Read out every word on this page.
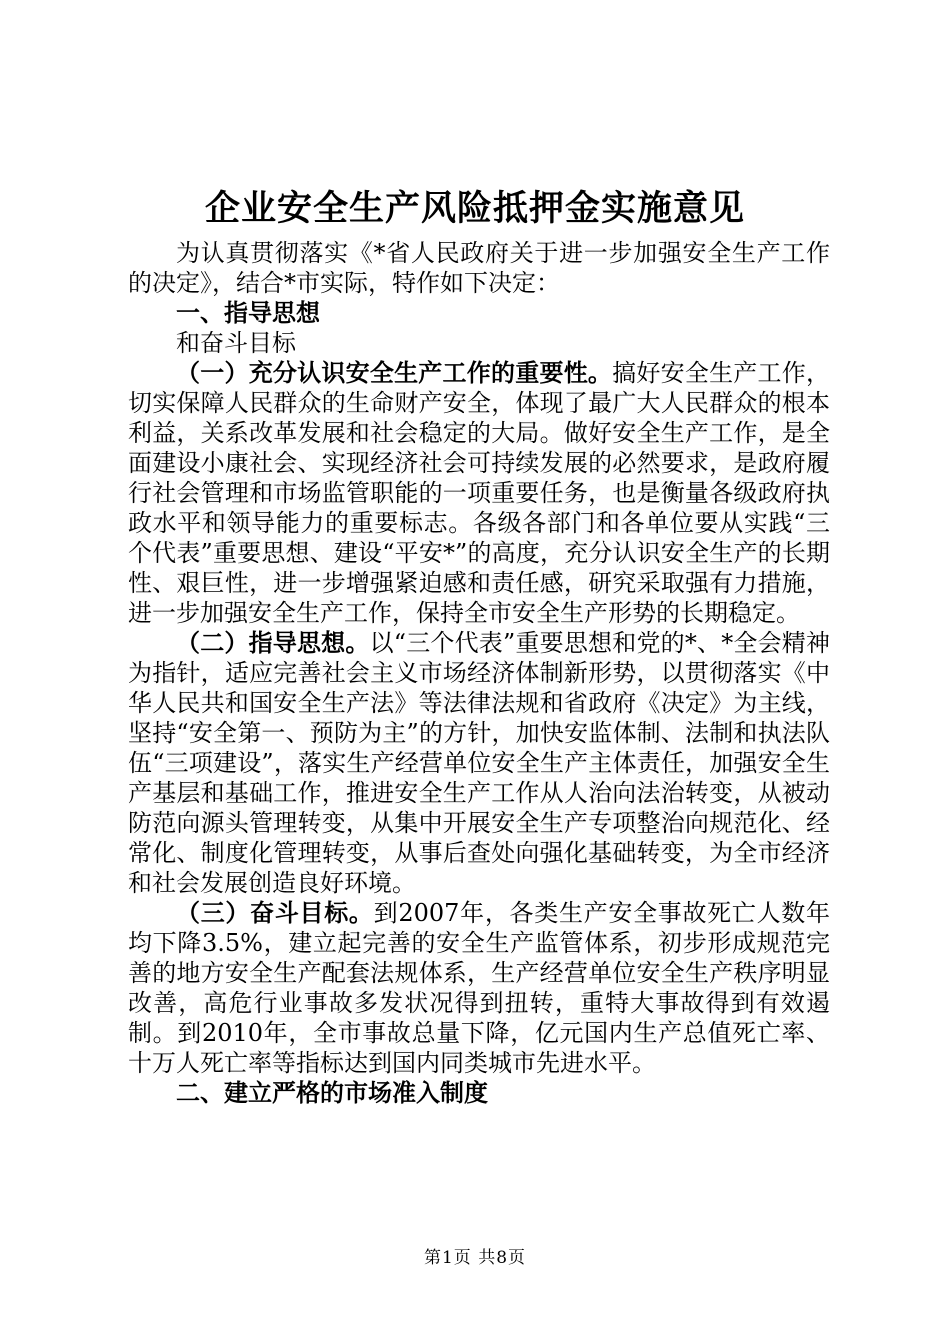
企业安全生产风险抵押金实施意见

为认真贯彻落实《*省人民政府关于进一步加强安全生产工作的决定》，结合*市实际，特作如下决定：

一、指导思想

和奋斗目标

（一）充分认识安全生产工作的重要性。搞好安全生产工作，切实保障人民群众的生命财产安全，体现了最广大人民群众的根本利益，关系改革发展和社会稳定的大局。做好安全生产工作，是全面建设小康社会、实现经济社会可持续发展的必然要求，是政府履行社会管理和市场监管职能的一项重要任务，也是衡量各级政府执政水平和领导能力的重要标志。各级各部门和各单位要从实践“三个代表”重要思想、建设“平安*”的高度，充分认识安全生产的长期性、艰巨性，进一步增强紧迫感和责任感，研究采取强有力措施，进一步加强安全生产工作，保持全市安全生产形势的长期稳定。

（二）指导思想。以“三个代表”重要思想和党的*、*全会精神为指针，适应完善社会主义市场经济体制新形势，以贯彻落实《中华人民共和国安全生产法》等法律法规和省政府《决定》为主线，坚持“安全第一、预防为主”的方针，加快安监体制、法制和执法队伍“三项建设”，落实生产经营单位安全生产主体责任，加强安全生产基层和基础工作，推进安全生产工作从人治向法治转变，从被动防范向源头管理转变，从集中开展安全生产专项整治向规范化、经常化、制度化管理转变，从事后查处向强化基础转变，为全市经济和社会发展创造良好环境。

（三）奋斗目标。到2007年，各类生产安全事故死亡人数年均下降3.5%，建立起完善的安全生产监管体系，初步形成规范完善的地方安全生产配套法规体系，生产经营单位安全生产秩序明显改善，高危行业事故多发状况得到扭转，重特大事故得到有效遏制。到2010年，全市事故总量下降，亿元国内生产总值死亡率、十万人死亡率等指标达到国内同类城市先进水平。

二、建立严格的市场准入制度

第1页 共8页
